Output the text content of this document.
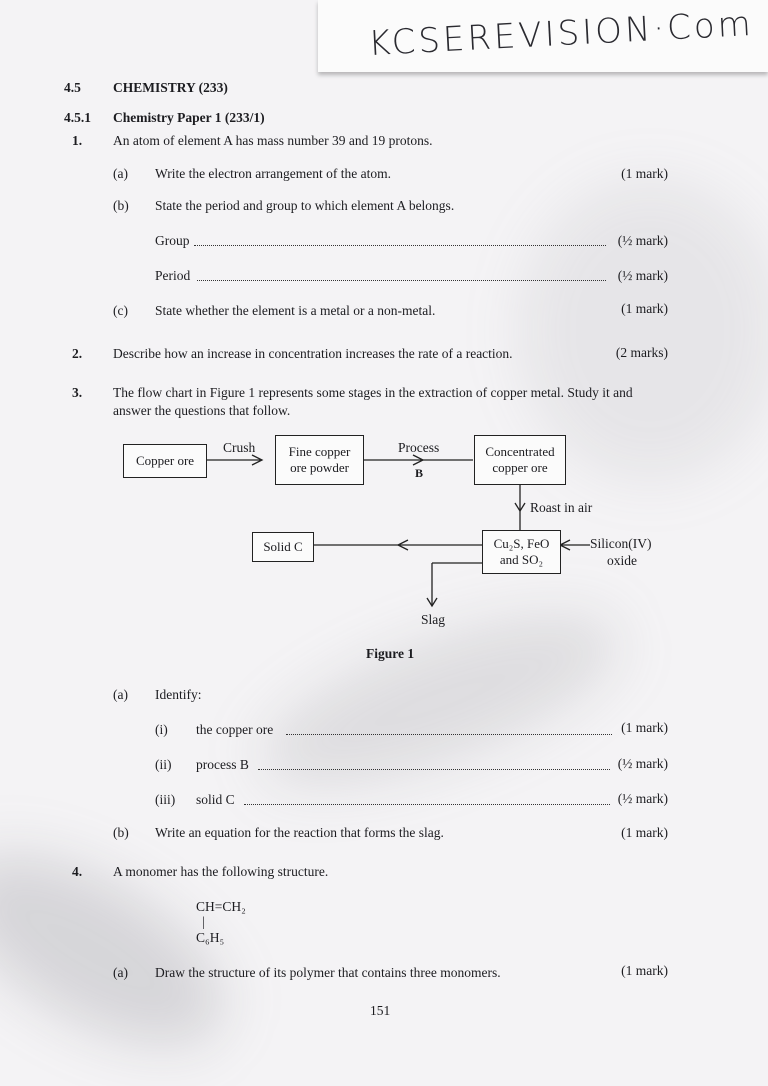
KCSEREVISION·Com
4.5 CHEMISTRY (233)
4.5.1 Chemistry Paper 1 (233/1)
1. An atom of element A has mass number 39 and 19 protons.
(a) Write the electron arrangement of the atom.	(1 mark)
(b) State the period and group to which element A belongs.
Group	(½ mark)
Period	(½ mark)
(c) State whether the element is a metal or a non-metal.	(1 mark)
2. Describe how an increase in concentration increases the rate of a reaction.	(2 marks)
3. The flow chart in Figure 1 represents some stages in the extraction of copper metal. Study it and
answer the questions that follow.
Copper ore
Crush	Fine copper
ore powder
Process
B
Concentrated
copper ore
Roast in air
Cu₂S, FeO
and SO₂
Silicon(IV)
oxide
Solid C
Slag
Figure 1
(a) Identify:
(i) the copper ore	(1 mark)
(ii) process B	(½ mark)
(iii) solid C	(½ mark)
(b) Write an equation for the reaction that forms the slag.	(1 mark)
4. A monomer has the following structure.
CH=CH₂
|
C₆H₅
(a) Draw the structure of its polymer that contains three monomers.	(1 mark)
151
